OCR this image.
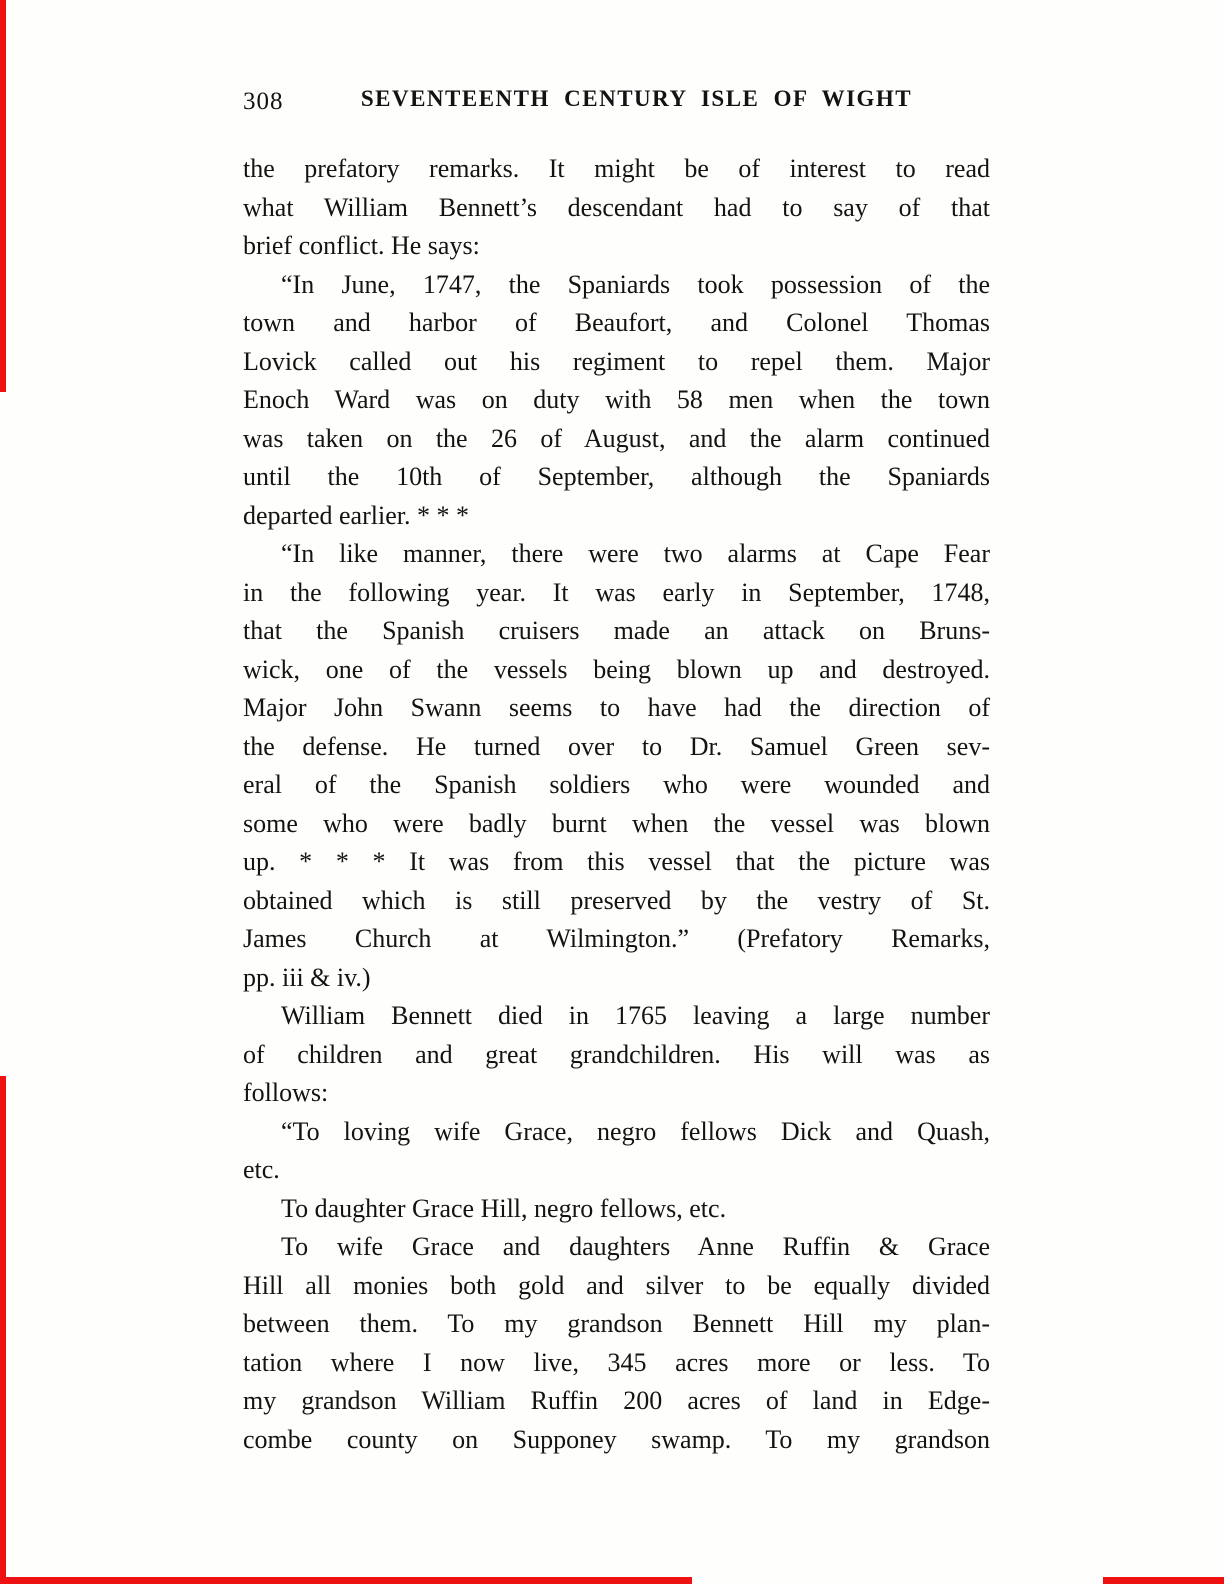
308	SEVENTEENTH CENTURY ISLE OF WIGHT
the prefatory remarks. It might be of interest to read
what William Bennett’s descendant had to say of that
brief conflict. He says:
“In June, 1747, the Spaniards took possession of the
town and harbor of Beaufort, and Colonel Thomas
Lovick called out his regiment to repel them. Major
Enoch Ward was on duty with 58 men when the town
was taken on the 26 of August, and the alarm continued
until the 10th of September, although the Spaniards
departed earlier. * * *
“In like manner, there were two alarms at Cape Fear
in the following year. It was early in September, 1748,
that the Spanish cruisers made an attack on Bruns-
wick, one of the vessels being blown up and destroyed.
Major John Swann seems to have had the direction of
the defense. He turned over to Dr. Samuel Green sev-
eral of the Spanish soldiers who were wounded and
some who were badly burnt when the vessel was blown
up. * * * It was from this vessel that the picture was
obtained which is still preserved by the vestry of St.
James Church at Wilmington.” (Prefatory Remarks,
pp. iii & iv.)
William Bennett died in 1765 leaving a large number
of children and great grandchildren. His will was as
follows:
“To loving wife Grace, negro fellows Dick and Quash,
etc.
To daughter Grace Hill, negro fellows, etc.
To wife Grace and daughters Anne Ruffin & Grace
Hill all monies both gold and silver to be equally divided
between them. To my grandson Bennett Hill my plan-
tation where I now live, 345 acres more or less. To
my grandson William Ruffin 200 acres of land in Edge-
combe county on Supponey swamp. To my grandson
